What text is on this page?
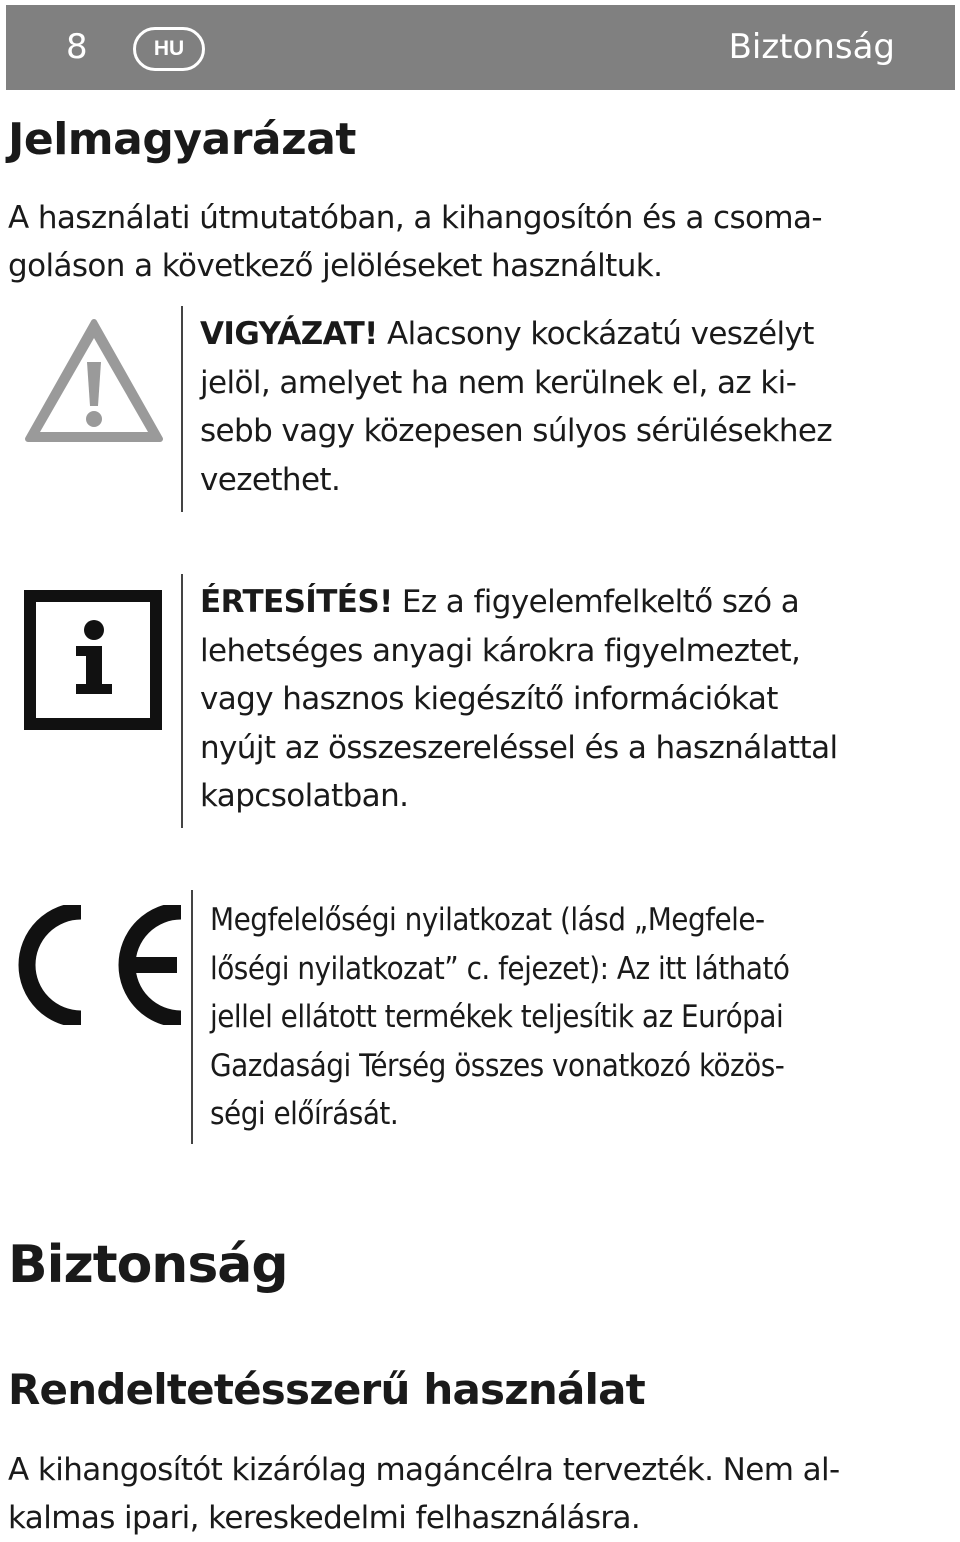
8	HU	Biztonság
Jelmagyarázat
A használati útmutatóban, a kihangosítón és a csoma-
goláson a következő jelöléseket használtuk.
VIGYÁZAT! Alacsony kockázatú veszélyt
jelöl, amelyet ha nem kerülnek el, az ki-
sebb vagy közepesen súlyos sérülésekhez
vezethet.
ÉRTESÍTÉS! Ez a figyelemfelkeltő szó a
lehetséges anyagi károkra figyelmeztet,
vagy hasznos kiegészítő információkat
nyújt az összeszereléssel és a használattal
kapcsolatban.
Megfelelőségi nyilatkozat (lásd „Megfele-
lőségi nyilatkozat” c. fejezet): Az itt látható
jellel ellátott termékek teljesítik az Európai
Gazdasági Térség összes vonatkozó közös-
ségi előírását.
Biztonság
Rendeltetésszerű használat
A kihangosítót kizárólag magáncélra tervezték. Nem al-
kalmas ipari, kereskedelmi felhasználásra.
